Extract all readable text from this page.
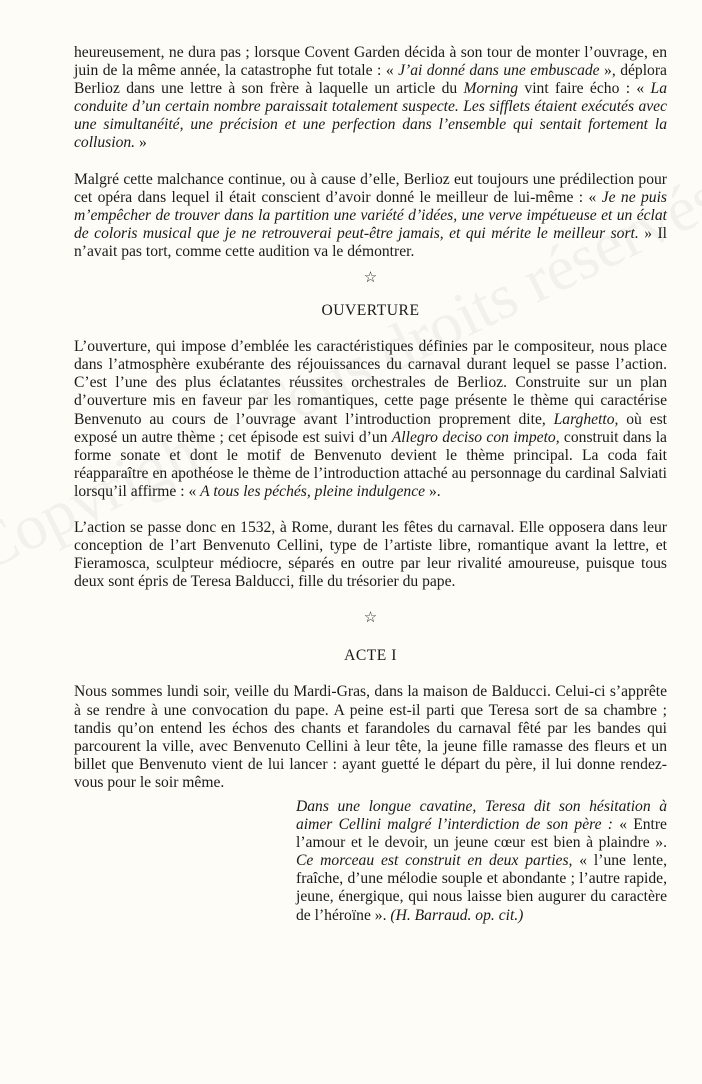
heureusement, ne dura pas ; lorsque Covent Garden décida à son tour de monter l’ouvrage, en juin de la même année, la catastrophe fut totale : « J’ai donné dans une embuscade », déplora Berlioz dans une lettre à son frère à laquelle un article du Morning vint faire écho : « La conduite d’un certain nombre paraissait totalement suspecte. Les sifflets étaient exécutés avec une simultanéité, une précision et une perfection dans l’ensemble qui sentait fortement la collusion. »

Malgré cette malchance continue, ou à cause d’elle, Berlioz eut toujours une prédilection pour cet opéra dans lequel il était conscient d’avoir donné le meilleur de lui-même : « Je ne puis m’empêcher de trouver dans la partition une variété d’idées, une verve impétueuse et un éclat de coloris musical que je ne retrouverai peut-être jamais, et qui mérite le meilleur sort. » Il n’avait pas tort, comme cette audition va le démontrer.

☆
OUVERTURE

L’ouverture, qui impose d’emblée les caractéristiques définies par le compositeur, nous place dans l’atmosphère exubérante des réjouissances du carnaval durant lequel se passe l’action. C’est l’une des plus éclatantes réussites orchestrales de Berlioz. Construite sur un plan d’ouverture mis en faveur par les romantiques, cette page présente le thème qui caractérise Benvenuto au cours de l’ouvrage avant l’introduction proprement dite, Larghetto, où est exposé un autre thème ; cet épisode est suivi d’un Allegro deciso con impeto, construit dans la forme sonate et dont le motif de Benvenuto devient le thème principal. La coda fait réapparaître en apothéose le thème de l’introduction attaché au personnage du cardinal Salviati lorsqu’il affirme : « A tous les péchés, pleine indulgence ».

L’action se passe donc en 1532, à Rome, durant les fêtes du carnaval. Elle opposera dans leur conception de l’art Benvenuto Cellini, type de l’artiste libre, romantique avant la lettre, et Fieramosca, sculpteur médiocre, séparés en outre par leur rivalité amoureuse, puisque tous deux sont épris de Teresa Balducci, fille du trésorier du pape.

☆
ACTE I

Nous sommes lundi soir, veille du Mardi-Gras, dans la maison de Balducci. Celui-ci s’apprête à se rendre à une convocation du pape. A peine est-il parti que Teresa sort de sa chambre ; tandis qu’on entend les échos des chants et farandoles du carnaval fêté par les bandes qui parcourent la ville, avec Benvenuto Cellini à leur tête, la jeune fille ramasse des fleurs et un billet que Benvenuto vient de lui lancer : ayant guetté le départ du père, il lui donne rendez-vous pour le soir même.

Dans une longue cavatine, Teresa dit son hésitation à aimer Cellini malgré l’interdiction de son père : « Entre l’amour et le devoir, un jeune cœur est bien à plaindre ». Ce morceau est construit en deux parties, « l’une lente, fraîche, d’une mélodie souple et abondante ; l’autre rapide, jeune, énergique, qui nous laisse bien augurer du caractère de l’héroïne ». (H. Barraud. op. cit.)
